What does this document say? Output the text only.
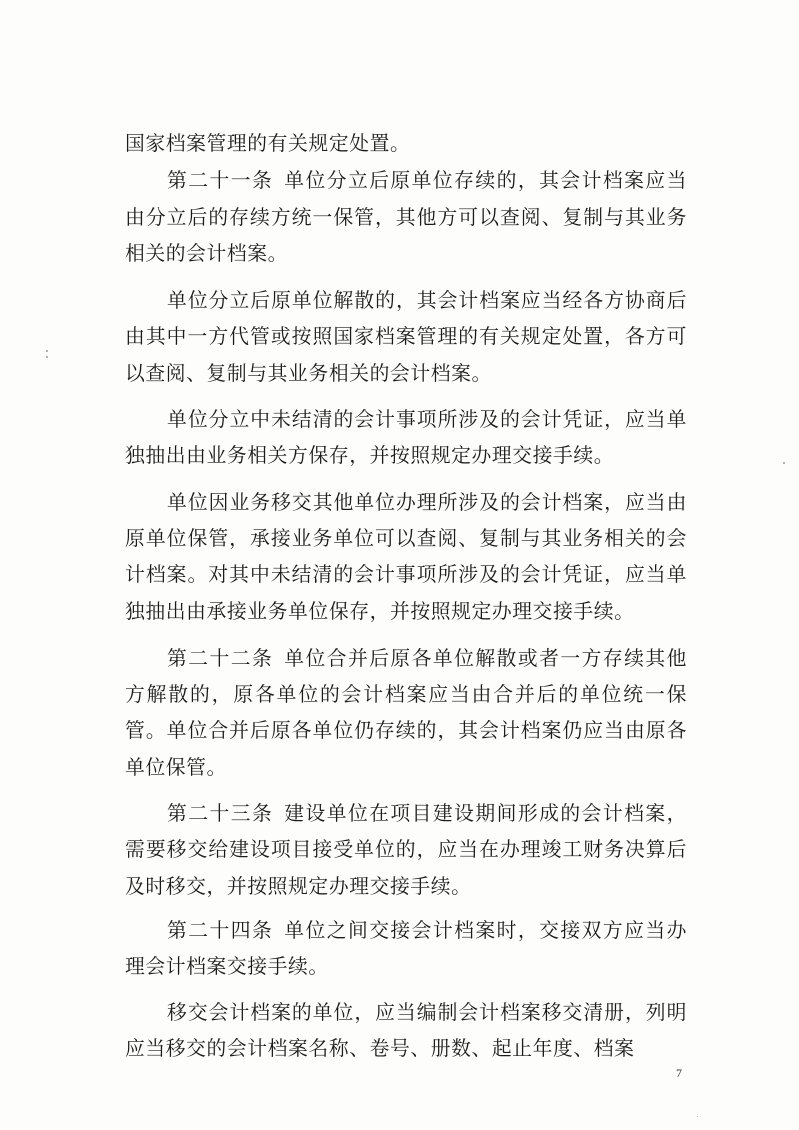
国家档案管理的有关规定处置。

第二十一条 单位分立后原单位存续的，其会计档案应当由分立后的存续方统一保管，其他方可以查阅、复制与其业务相关的会计档案。

单位分立后原单位解散的，其会计档案应当经各方协商后由其中一方代管或按照国家档案管理的有关规定处置，各方可以查阅、复制与其业务相关的会计档案。

单位分立中未结清的会计事项所涉及的会计凭证，应当单独抽出由业务相关方保存，并按照规定办理交接手续。

单位因业务移交其他单位办理所涉及的会计档案，应当由原单位保管，承接业务单位可以查阅、复制与其业务相关的会计档案。对其中未结清的会计事项所涉及的会计凭证，应当单独抽出由承接业务单位保存，并按照规定办理交接手续。

第二十二条 单位合并后原各单位解散或者一方存续其他方解散的，原各单位的会计档案应当由合并后的单位统一保管。单位合并后原各单位仍存续的，其会计档案仍应当由原各单位保管。

第二十三条 建设单位在项目建设期间形成的会计档案，需要移交给建设项目接受单位的，应当在办理竣工财务决算后及时移交，并按照规定办理交接手续。

第二十四条 单位之间交接会计档案时，交接双方应当办理会计档案交接手续。

移交会计档案的单位，应当编制会计档案移交清册，列明应当移交的会计档案名称、卷号、册数、起止年度、档案

7
